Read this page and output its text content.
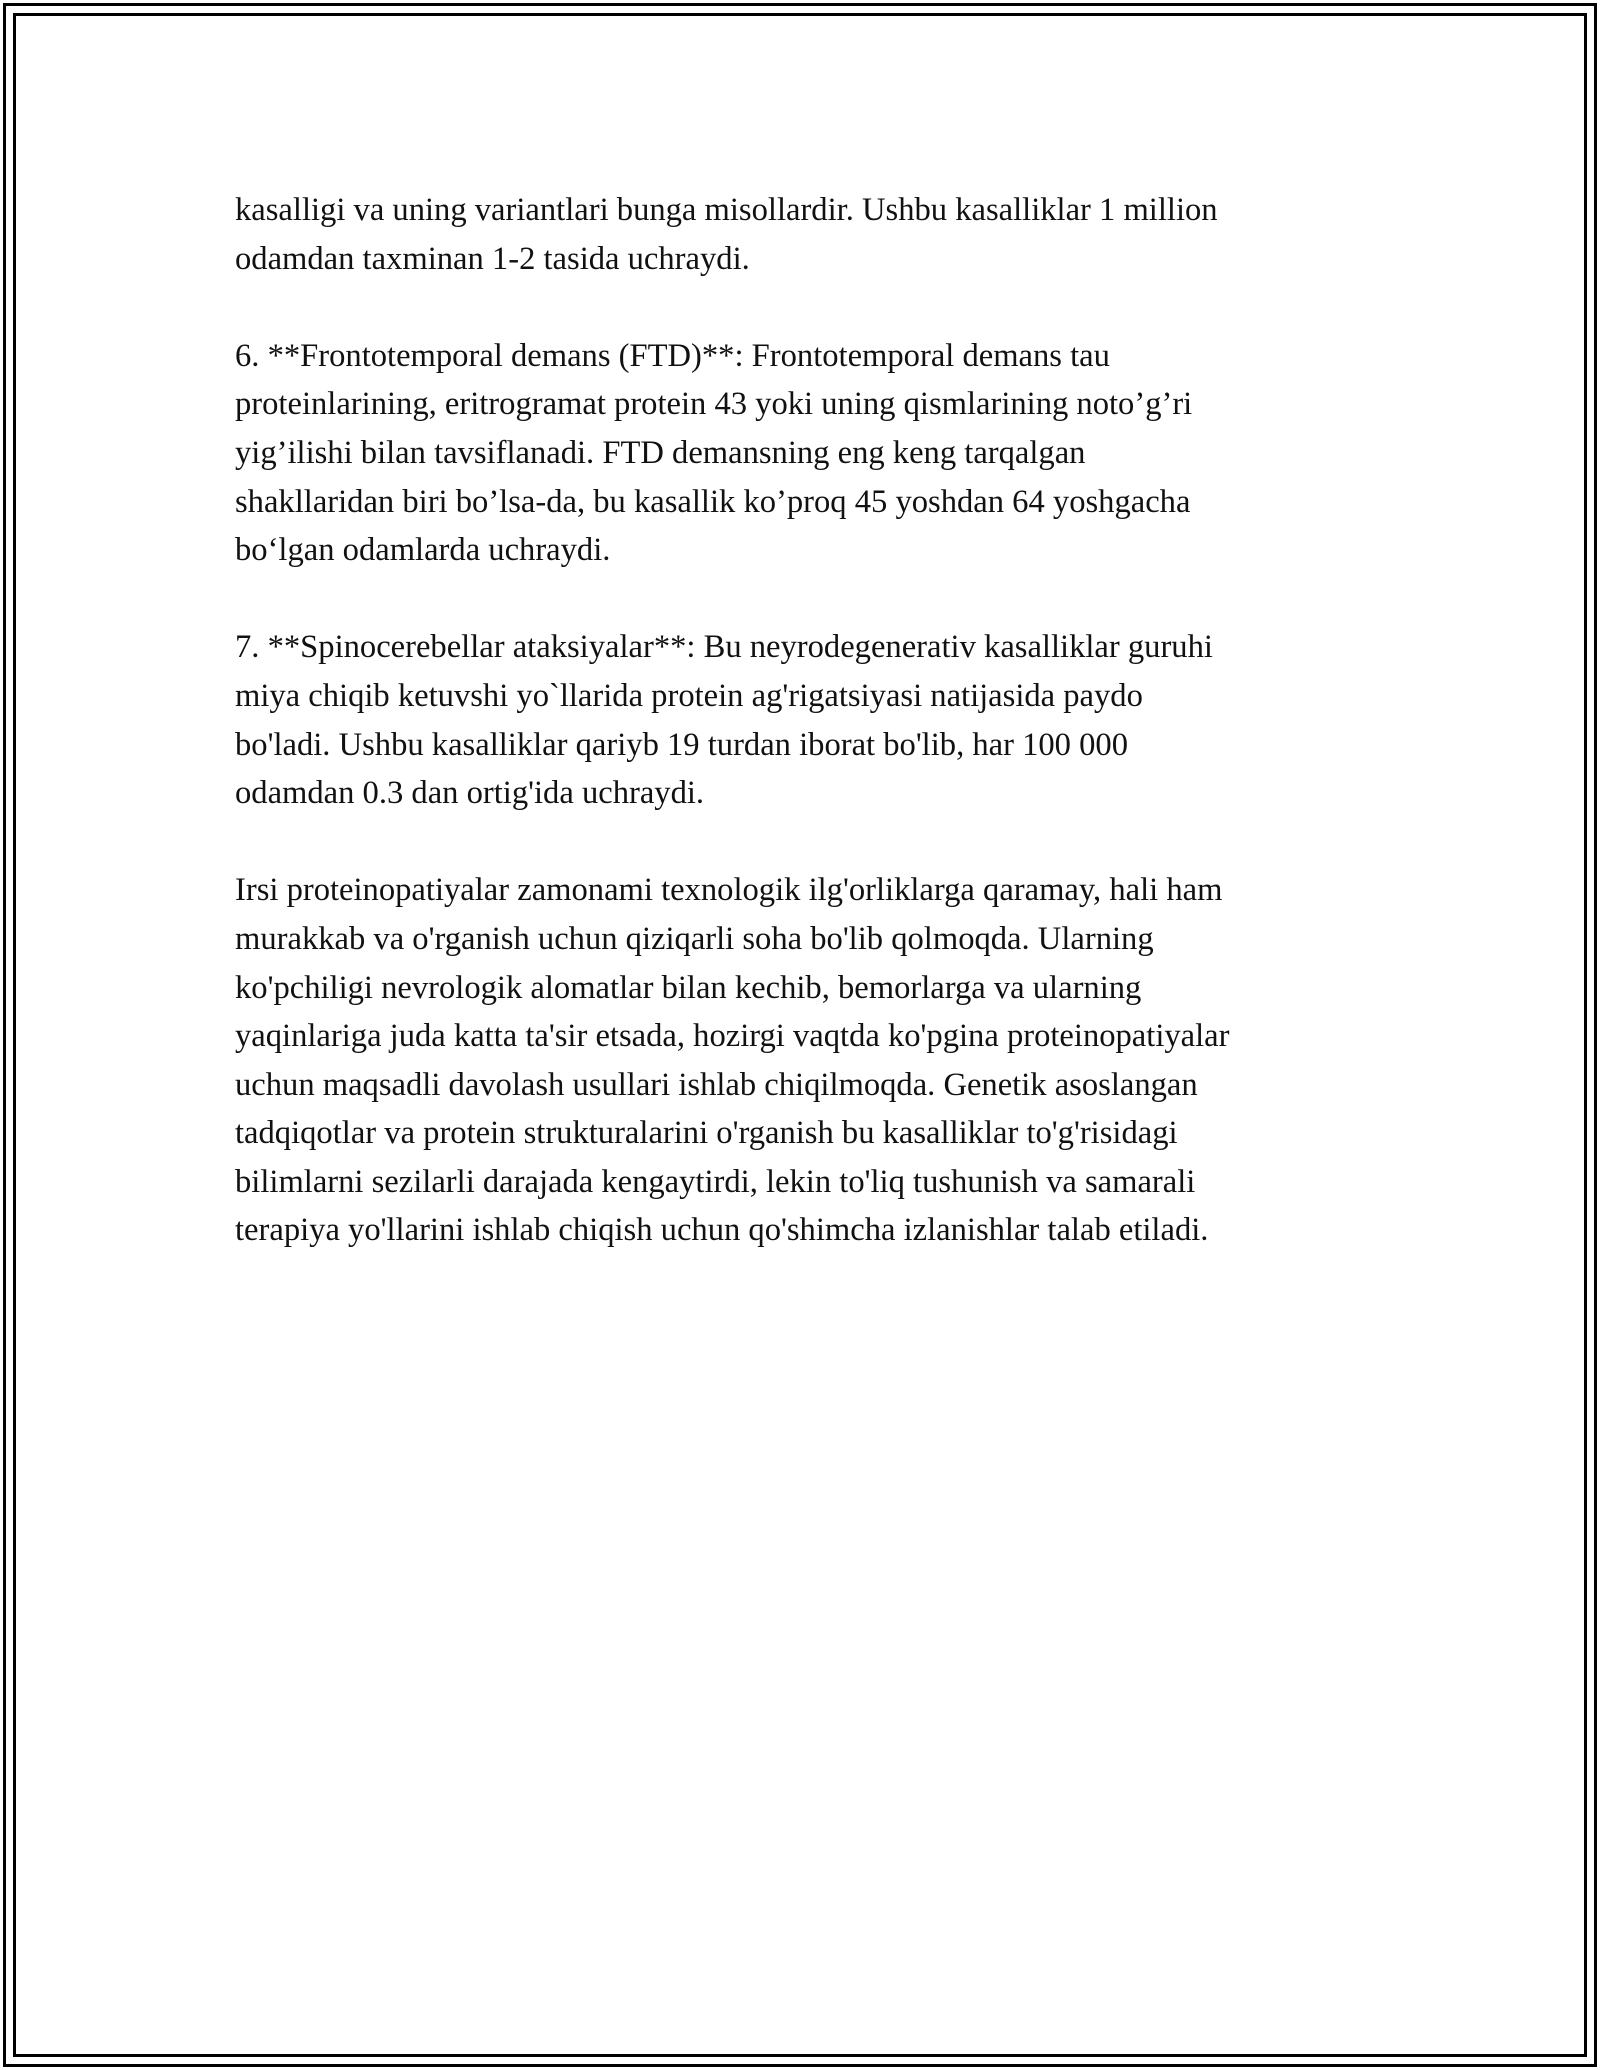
kasalligi va uning variantlari bunga misollardir. Ushbu kasalliklar 1 million
odamdan taxminan 1-2 tasida uchraydi.

6. **Frontotemporal demans (FTD)**: Frontotemporal demans tau
proteinlarining, eritrogramat protein 43 yoki uning qismlarining noto’g’ri
yig’ilishi bilan tavsiflanadi. FTD demansning eng keng tarqalgan
shakllaridan biri bo’lsa-da, bu kasallik ko’proq 45 yoshdan 64 yoshgacha
bo‘lgan odamlarda uchraydi.

7. **Spinocerebellar ataksiyalar**: Bu neyrodegenerativ kasalliklar guruhi
miya chiqib ketuvshi yo`llarida protein ag'rigatsiyasi natijasida paydo
bo'ladi. Ushbu kasalliklar qariyb 19 turdan iborat bo'lib, har 100 000
odamdan 0.3 dan ortig'ida uchraydi.

Irsi proteinopatiyalar zamonami texnologik ilg'orliklarga qaramay, hali ham
murakkab va o'rganish uchun qiziqarli soha bo'lib qolmoqda. Ularning
ko'pchiligi nevrologik alomatlar bilan kechib, bemorlarga va ularning
yaqinlariga juda katta ta'sir etsada, hozirgi vaqtda ko'pgina proteinopatiyalar
uchun maqsadli davolash usullari ishlab chiqilmoqda. Genetik asoslangan
tadqiqotlar va protein strukturalarini o'rganish bu kasalliklar to'g'risidagi
bilimlarni sezilarli darajada kengaytirdi, lekin to'liq tushunish va samarali
terapiya yo'llarini ishlab chiqish uchun qo'shimcha izlanishlar talab etiladi.
